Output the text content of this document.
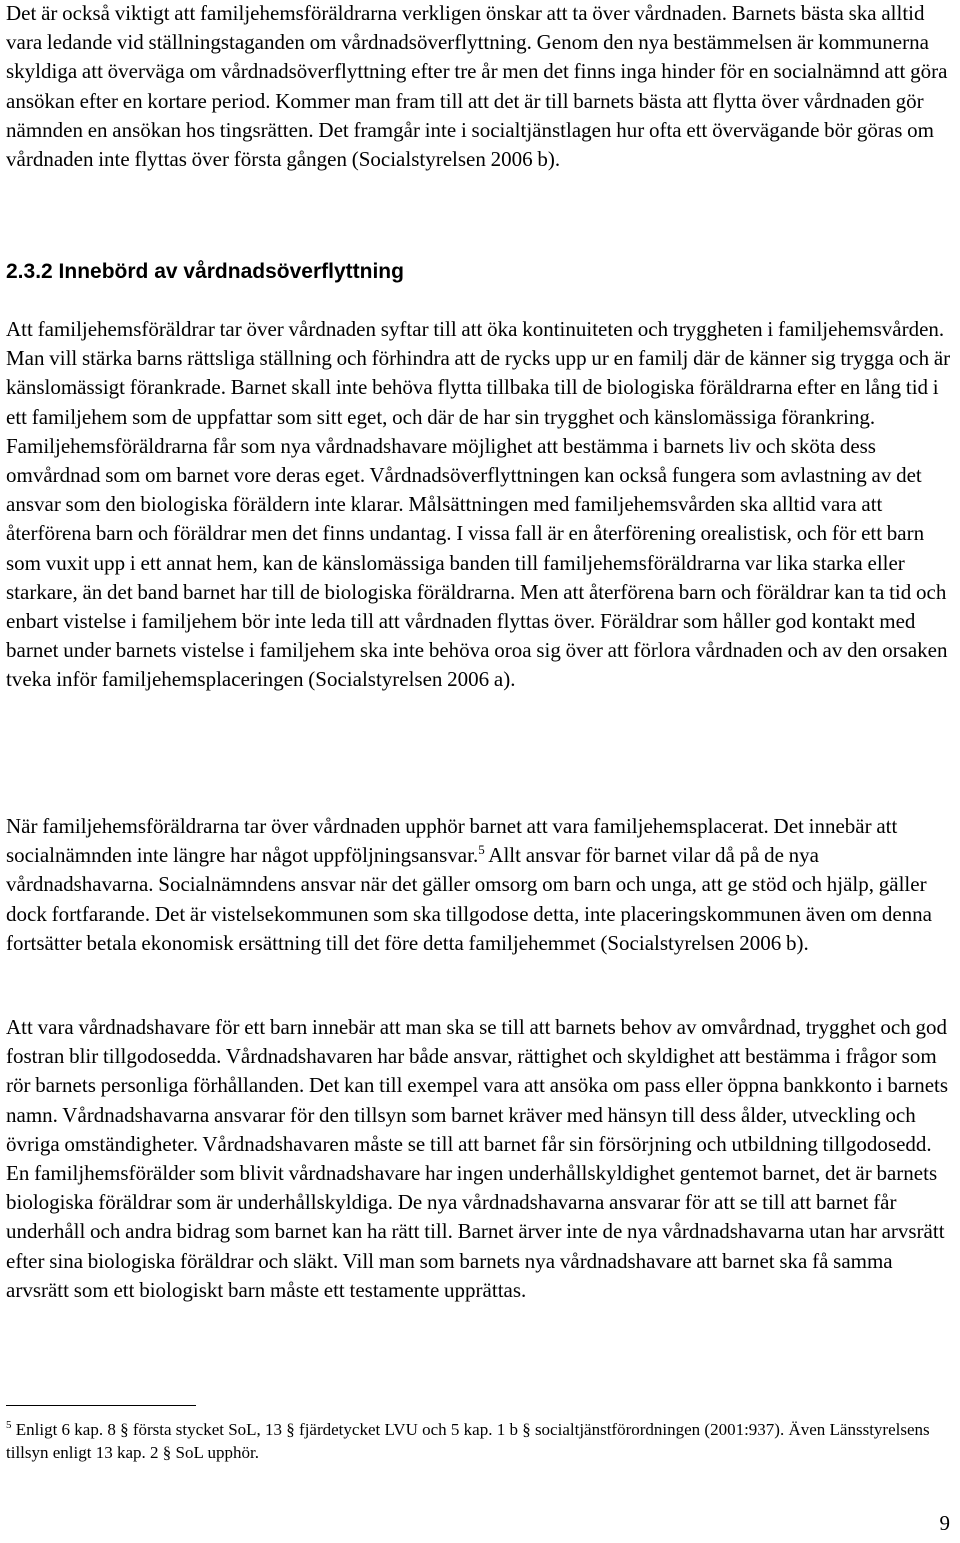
Det är också viktigt att familjehemsföräldrarna verkligen önskar att ta över vårdnaden. Barnets bästa ska alltid vara ledande vid ställningstaganden om vårdnadsöverflyttning. Genom den nya bestämmelsen är kommunerna skyldiga att överväga om vårdnadsöverflyttning efter tre år men det finns inga hinder för en socialnämnd att göra ansökan efter en kortare period. Kommer man fram till att det är till barnets bästa att flytta över vårdnaden gör nämnden en ansökan hos tingsrätten. Det framgår inte i socialtjänstlagen hur ofta ett övervägande bör göras om vårdnaden inte flyttas över första gången (Socialstyrelsen 2006 b).

2.3.2 Innebörd av vårdnadsöverflyttning

Att familjehemsföräldrar tar över vårdnaden syftar till att öka kontinuiteten och tryggheten i familjehemsvården. Man vill stärka barns rättsliga ställning och förhindra att de rycks upp ur en familj där de känner sig trygga och är känslomässigt förankrade. Barnet skall inte behöva flytta tillbaka till de biologiska föräldrarna efter en lång tid i ett familjehem som de uppfattar som sitt eget, och där de har sin trygghet och känslomässiga förankring. Familjehemsföräldrarna får som nya vårdnadshavare möjlighet att bestämma i barnets liv och sköta dess omvårdnad som om barnet vore deras eget. Vårdnadsöverflyttningen kan också fungera som avlastning av det ansvar som den biologiska föräldern inte klarar. Målsättningen med familjehemsvården ska alltid vara att återförena barn och föräldrar men det finns undantag. I vissa fall är en återförening orealistisk, och för ett barn som vuxit upp i ett annat hem, kan de känslomässiga banden till familjehemsföräldrarna var lika starka eller starkare, än det band barnet har till de biologiska föräldrarna. Men att återförena barn och föräldrar kan ta tid och enbart vistelse i familjehem bör inte leda till att vårdnaden flyttas över. Föräldrar som håller god kontakt med barnet under barnets vistelse i familjehem ska inte behöva oroa sig över att förlora vårdnaden och av den orsaken tveka inför familjehemsplaceringen (Socialstyrelsen 2006 a).

När familjehemsföräldrarna tar över vårdnaden upphör barnet att vara familjehemsplacerat. Det innebär att socialnämnden inte längre har något uppföljningsansvar.$^5$ Allt ansvar för barnet vilar då på de nya vårdnadshavarna. Socialnämndens ansvar när det gäller omsorg om barn och unga, att ge stöd och hjälp, gäller dock fortfarande. Det är vistelsekommunen som ska tillgodose detta, inte placeringskommunen även om denna fortsätter betala ekonomisk ersättning till det före detta familjehemmet (Socialstyrelsen 2006 b).

Att vara vårdnadshavare för ett barn innebär att man ska se till att barnets behov av omvårdnad, trygghet och god fostran blir tillgodosedda. Vårdnadshavaren har både ansvar, rättighet och skyldighet att bestämma i frågor som rör barnets personliga förhållanden. Det kan till exempel vara att ansöka om pass eller öppna bankkonto i barnets namn. Vårdnadshavarna ansvarar för den tillsyn som barnet kräver med hänsyn till dess ålder, utveckling och övriga omständigheter. Vårdnadshavaren måste se till att barnet får sin försörjning och utbildning tillgodosedd. En familjhemsförälder som blivit vårdnadshavare har ingen underhållskyldighet gentemot barnet, det är barnets biologiska föräldrar som är underhållskyldiga. De nya vårdnadshavarna ansvarar för att se till att barnet får underhåll och andra bidrag som barnet kan ha rätt till. Barnet ärver inte de nya vårdnadshavarna utan har arvsrätt efter sina biologiska föräldrar och släkt. Vill man som barnets nya vårdnadshavare att barnet ska få samma arvsrätt som ett biologiskt barn måste ett testamente upprättas.

$^5$ Enligt 6 kap. 8 § första stycket SoL, 13 § fjärdetycket LVU och 5 kap. 1 b § socialtjänstförordningen (2001:937). Även Länsstyrelsens tillsyn enligt 13 kap. 2 § SoL upphör.

9
